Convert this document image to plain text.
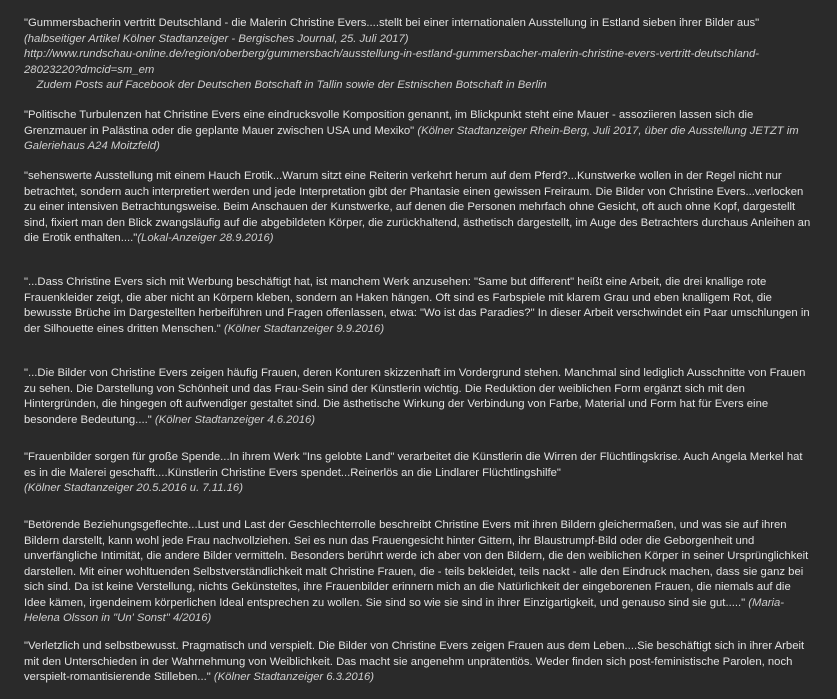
"Gummersbacherin vertritt Deutschland - die Malerin Christine Evers....stellt bei einer internationalen Ausstellung in Estland sieben ihrer Bilder aus" (halbseitiger Artikel Kölner Stadtanzeiger - Bergisches Journal, 25. Juli 2017)
http://www.rundschau-online.de/region/oberberg/gummersbach/ausstellung-in-estland-gummersbacher-malerin-christine-evers-vertritt-deutschland-28023220?dmcid=sm_em
Zudem Posts auf Facebook der Deutschen Botschaft in Tallin sowie der Estnischen Botschaft in Berlin

"Politische Turbulenzen hat Christine Evers eine eindrucksvolle Komposition genannt, im Blickpunkt steht eine Mauer - assoziieren lassen sich die Grenzmauer in Palästina oder die geplante Mauer zwischen USA und Mexiko" (Kölner Stadtanzeiger Rhein-Berg, Juli 2017, über die Ausstellung JETZT im Galeriehaus A24 Moitzfeld)

"sehenswerte Ausstellung mit einem Hauch Erotik...Warum sitzt eine Reiterin verkehrt herum auf dem Pferd?...Kunstwerke wollen in der Regel nicht nur betrachtet, sondern auch interpretiert werden und jede Interpretation gibt der Phantasie einen gewissen Freiraum. Die Bilder von Christine Evers...verlocken zu einer intensiven Betrachtungsweise. Beim Anschauen der Kunstwerke, auf denen die Personen mehrfach ohne Gesicht, oft auch ohne Kopf, dargestellt sind, fixiert man den Blick zwangsläufig auf die abgebildeten Körper, die zurückhaltend, ästhetisch dargestellt, im Auge des Betrachters durchaus Anleihen an die Erotik enthalten...."(Lokal-Anzeiger 28.9.2016)

"...Dass Christine Evers sich mit Werbung beschäftigt hat, ist manchem Werk anzusehen: "Same but different" heißt eine Arbeit, die drei knallige rote Frauenkleider zeigt, die aber nicht an Körpern kleben, sondern an Haken hängen. Oft sind es Farbspiele mit klarem Grau und eben knalligem Rot, die bewusste Brüche im Dargestellten herbeiführen und Fragen offenlassen, etwa: "Wo ist das Paradies?" In dieser Arbeit verschwindet ein Paar umschlungen in der Silhouette eines dritten Menschen." (Kölner Stadtanzeiger 9.9.2016)

"...Die Bilder von Christine Evers zeigen häufig Frauen, deren Konturen skizzenhaft im Vordergrund stehen. Manchmal sind lediglich Ausschnitte von Frauen zu sehen. Die Darstellung von Schönheit und das Frau-Sein sind der Künstlerin wichtig. Die Reduktion der weiblichen Form ergänzt sich mit den Hintergründen, die hingegen oft aufwendiger gestaltet sind. Die ästhetische Wirkung der Verbindung von Farbe, Material und Form hat für Evers eine besondere Bedeutung...." (Kölner Stadtanzeiger 4.6.2016)

"Frauenbilder sorgen für große Spende...In ihrem Werk "Ins gelobte Land" verarbeitet die Künstlerin die Wirren der Flüchtlingskrise. Auch Angela Merkel hat es in die Malerei geschafft....Künstlerin Christine Evers spendet...Reinerlös an die Lindlarer Flüchtlingshilfe"
(Kölner Stadtanzeiger 20.5.2016 u. 7.11.16)

"Betörende Beziehungsgeflechte...Lust und Last der Geschlechterrolle beschreibt Christine Evers mit ihren Bildern gleichermaßen, und was sie auf ihren Bildern darstellt, kann wohl jede Frau nachvollziehen. Sei es nun das Frauengesicht hinter Gittern, ihr Blaustrumpf-Bild oder die Geborgenheit und unverfängliche Intimität, die andere Bilder vermitteln. Besonders berührt werde ich aber von den Bildern, die den weiblichen Körper in seiner Ursprünglichkeit darstellen. Mit einer wohltuenden Selbstverständlichkeit malt Christine Frauen, die - teils bekleidet, teils nackt - alle den Eindruck machen, dass sie ganz bei sich sind. Da ist keine Verstellung, nichts Gekünsteltes, ihre Frauenbilder erinnern mich an die Natürlichkeit der eingeborenen Frauen, die niemals auf die Idee kämen, irgendeinem körperlichen Ideal entsprechen zu wollen. Sie sind so wie sie sind in ihrer Einzigartigkeit, und genauso sind sie gut....." (Maria-Helena Olsson in "Un' Sonst" 4/2016)

"Verletzlich und selbstbewusst. Pragmatisch und verspielt. Die Bilder von Christine Evers zeigen Frauen aus dem Leben....Sie beschäftigt sich in ihrer Arbeit mit den Unterschieden in der Wahrnehmung von Weiblichkeit. Das macht sie angenehm unprätentiös. Weder finden sich post-feministische Parolen, noch verspielt-romantisierende Stilleben..." (Kölner Stadtanzeiger 6.3.2016)
